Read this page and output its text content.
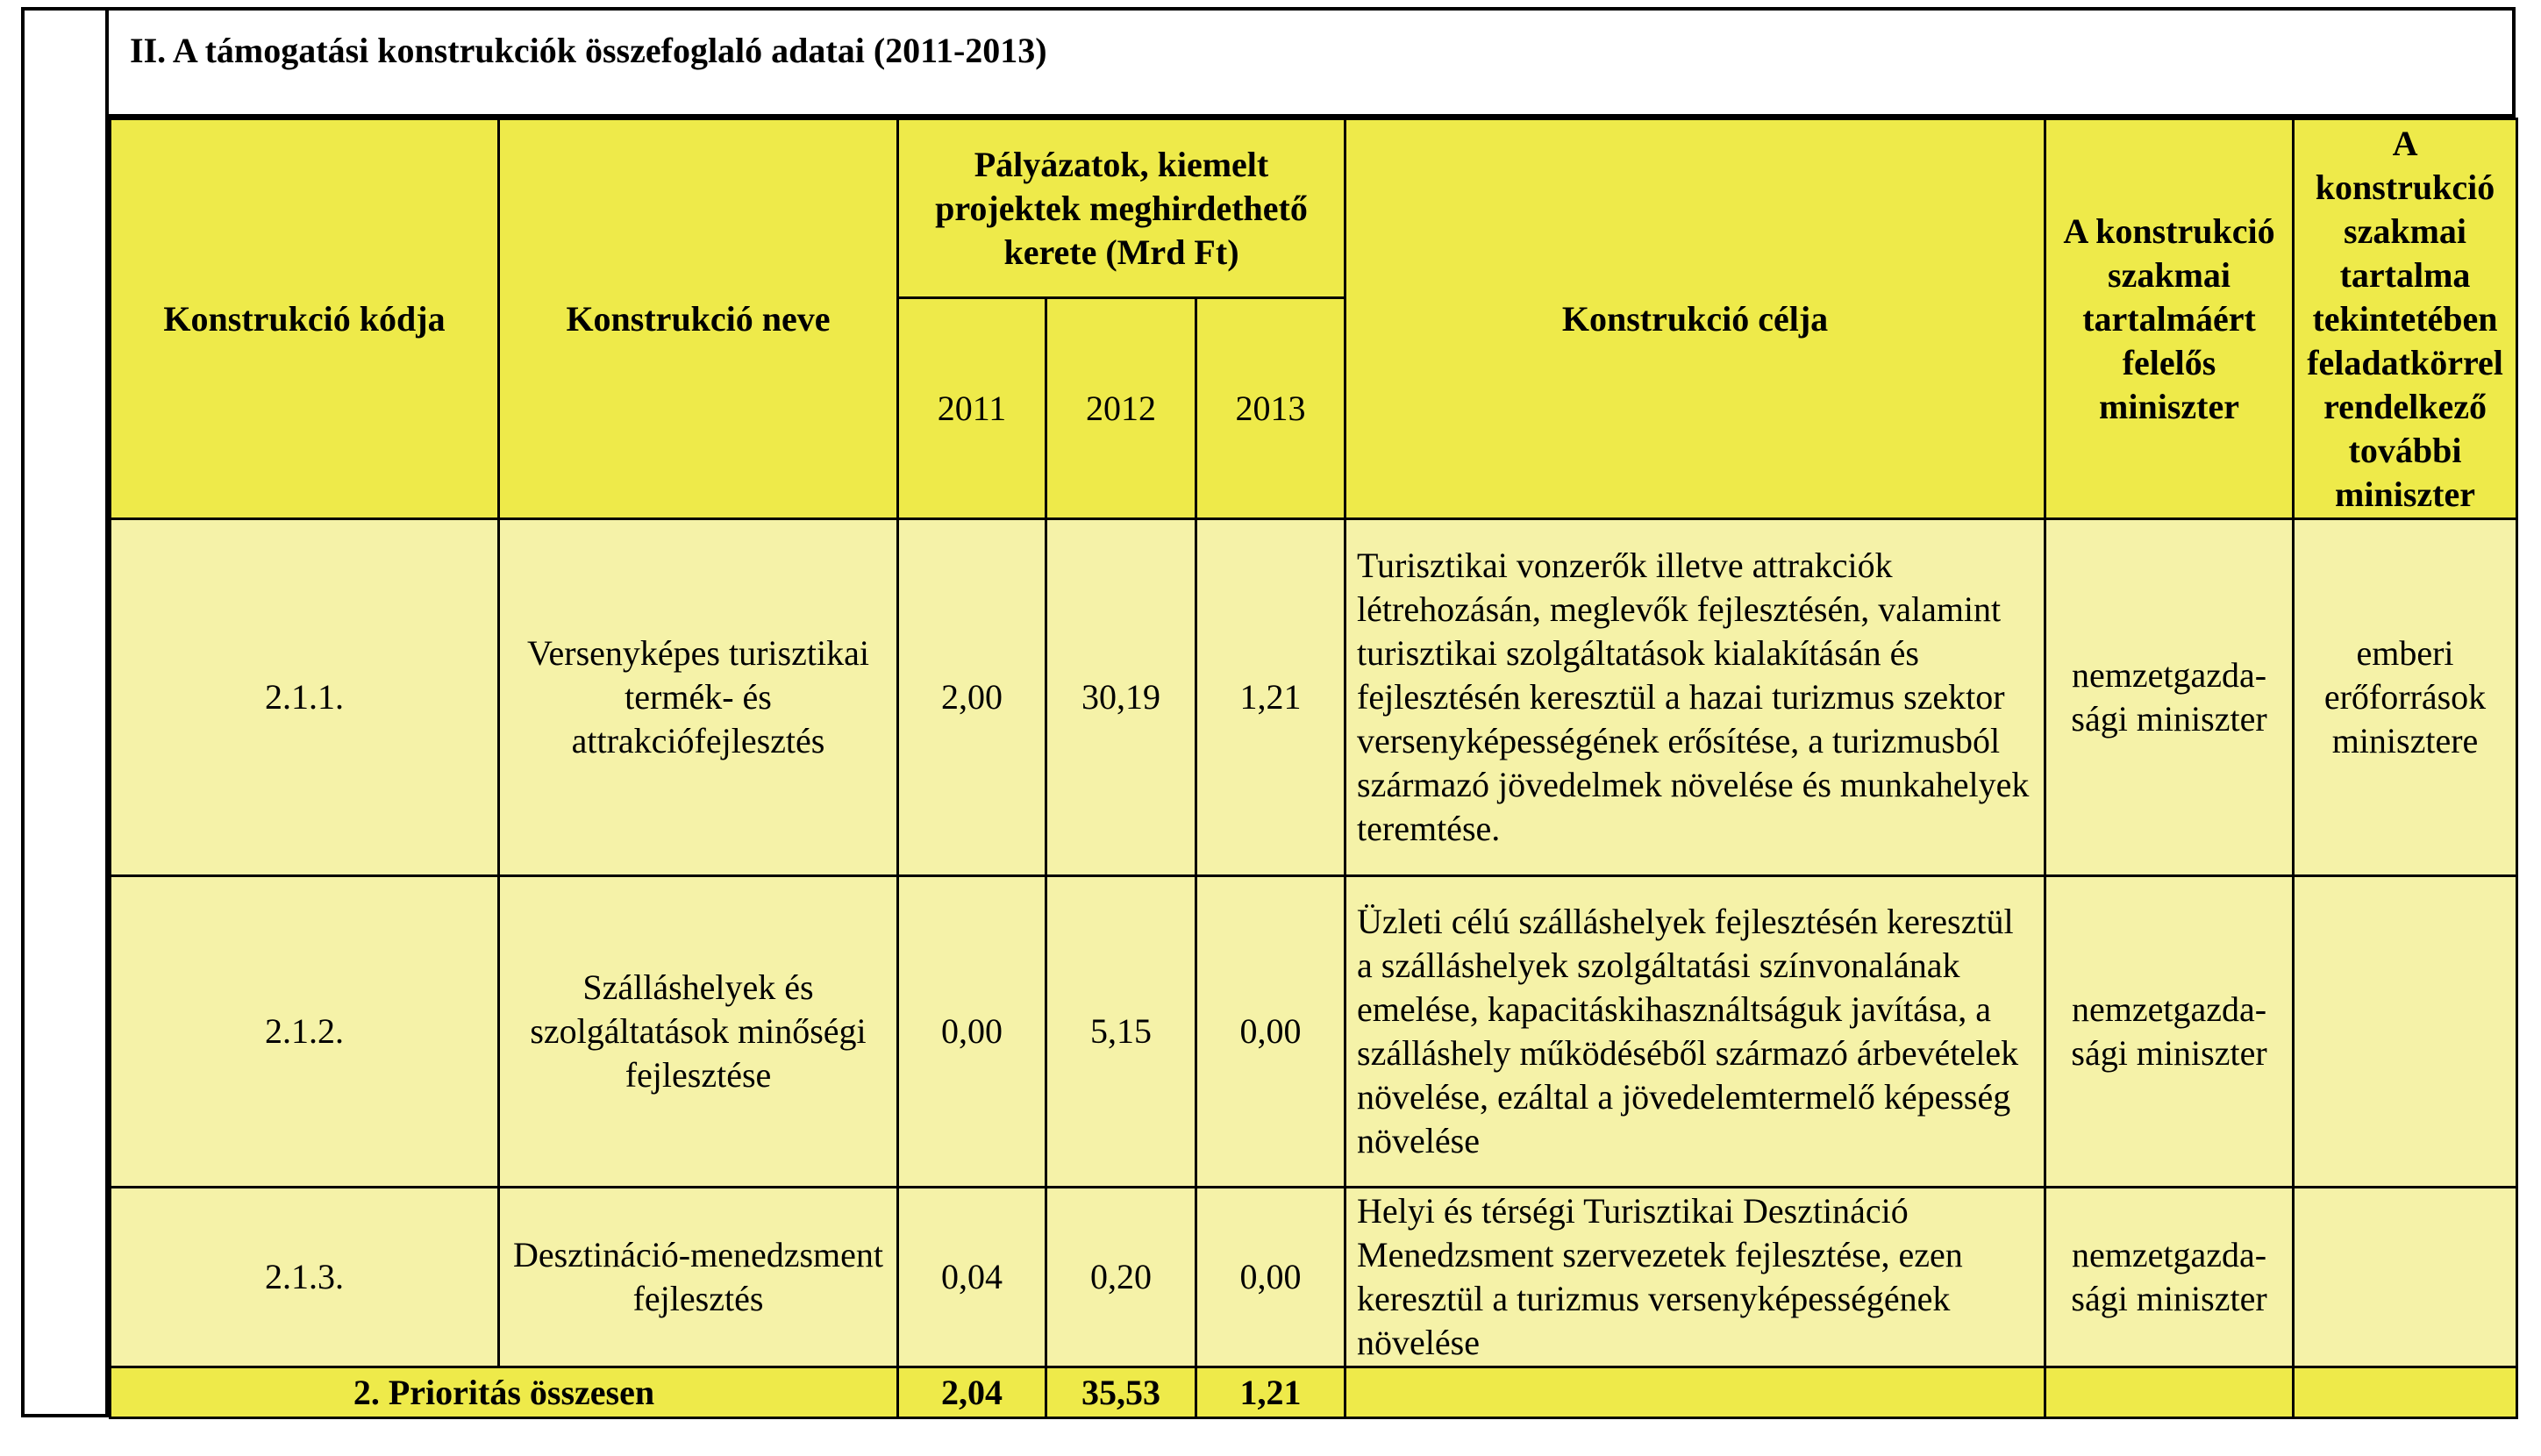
II. A támogatási konstrukciók összefoglaló adatai (2011-2013)
Konstrukció kódja	Konstrukció neve	Pályázatok, kiemelt projektek meghirdethető kerete (Mrd Ft)			Konstrukció célja	A konstrukció szakmai tartalmáért felelős miniszter	A konstrukció szakmai tartalma tekintetében feladatkörrel rendelkező további miniszter
		2011	2012	2013			
2.1.1.	Versenyképes turisztikai termék- és attrakciófejlesztés	2,00	30,19	1,21	Turisztikai vonzerők illetve attrakciók létrehozásán, meglevők fejlesztésén, valamint turisztikai szolgáltatások kialakításán és fejlesztésén keresztül a hazai turizmus szektor versenyképességének erősítése, a turizmusból származó jövedelmek növelése és munkahelyek teremtése.	nemzetgazda-sági miniszter	emberi erőforrások minisztere
2.1.2.	Szálláshelyek és szolgáltatások minőségi fejlesztése	0,00	5,15	0,00	Üzleti célú szálláshelyek fejlesztésén keresztül a szálláshelyek szolgáltatási színvonalának emelése, kapacitáskihasználtságuk javítása, a szálláshely működéséből származó árbevételek növelése, ezáltal a jövedelemtermelő képesség növelése	nemzetgazda-sági miniszter	
2.1.3.	Desztináció-menedzsment fejlesztés	0,04	0,20	0,00	Helyi és térségi Turisztikai Desztináció Menedzsment szervezetek fejlesztése, ezen keresztül a turizmus versenyképességének növelése	nemzetgazda-sági miniszter	
2. Prioritás összesen		2,04	35,53	1,21			
